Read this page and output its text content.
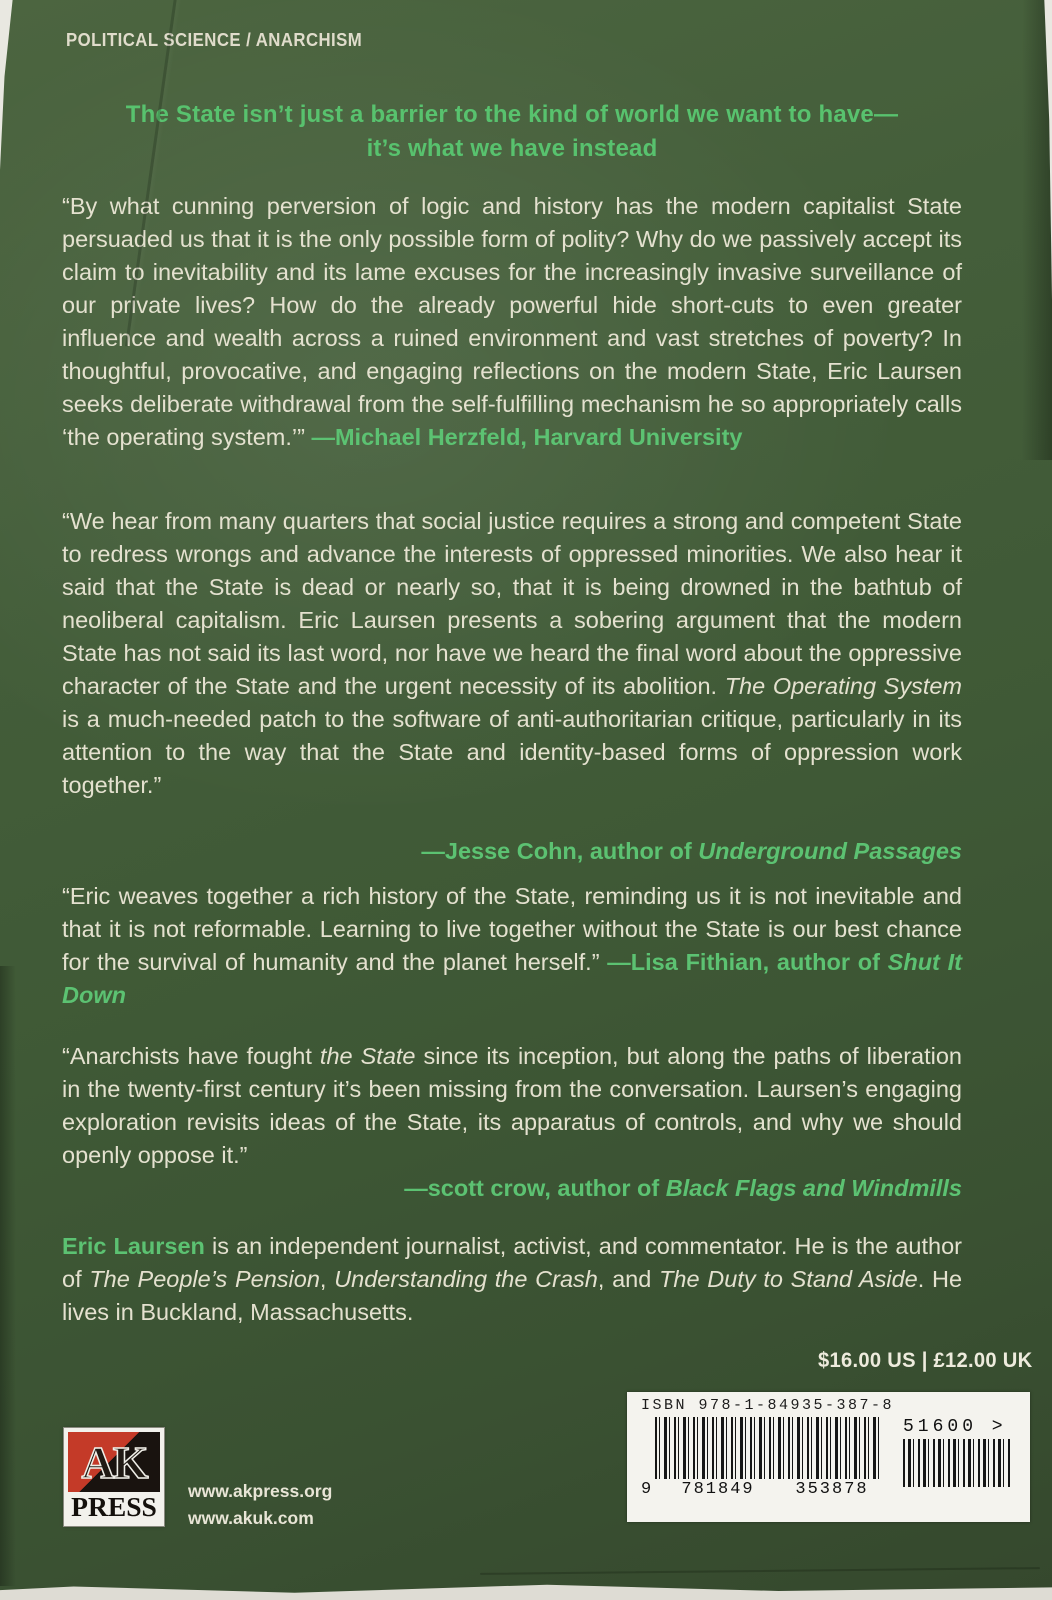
POLITICAL SCIENCE / ANARCHISM
The State isn’t just a barrier to the kind of world we want to have—
it’s what we have instead

“By what cunning perversion of logic and history has the modern capitalist State persuaded us that it is the only possible form of polity? Why do we passively accept its claim to inevitability and its lame excuses for the increasingly invasive surveillance of our private lives? How do the already powerful hide short-cuts to even greater influence and wealth across a ruined environment and vast stretches of poverty? In thoughtful, provocative, and engaging reflections on the modern State, Eric Laursen seeks deliberate withdrawal from the self-fulfilling mechanism he so appropriately calls ‘the operating system.’” —Michael Herzfeld, Harvard University

“We hear from many quarters that social justice requires a strong and competent State to redress wrongs and advance the interests of oppressed minorities. We also hear it said that the State is dead or nearly so, that it is being drowned in the bathtub of neoliberal capitalism. Eric Laursen presents a sobering argument that the modern State has not said its last word, nor have we heard the final word about the oppressive character of the State and the urgent necessity of its abolition. The Operating System is a much-needed patch to the software of anti-authoritarian critique, particularly in its attention to the way that the State and identity-based forms of oppression work together.”

—Jesse Cohn, author of Underground Passages

“Eric weaves together a rich history of the State, reminding us it is not inevitable and that it is not reformable. Learning to live together without the State is our best chance for the survival of humanity and the planet herself.” —Lisa Fithian, author of Shut It Down

“Anarchists have fought the State since its inception, but along the paths of liberation in the twenty-first century it’s been missing from the conversation. Laursen’s engaging exploration revisits ideas of the State, its apparatus of controls, and why we should openly oppose it.”

—scott crow, author of Black Flags and Windmills

Eric Laursen is an independent journalist, activist, and commentator. He is the author of The People’s Pension, Understanding the Crash, and The Duty to Stand Aside. He lives in Buckland, Massachusetts.

$16.00 US | £12.00 UK
ISBN 978-1-84935-387-8
9	781849	353878
51600 >
AK
PRESS
www.akpress.org
www.akuk.com
